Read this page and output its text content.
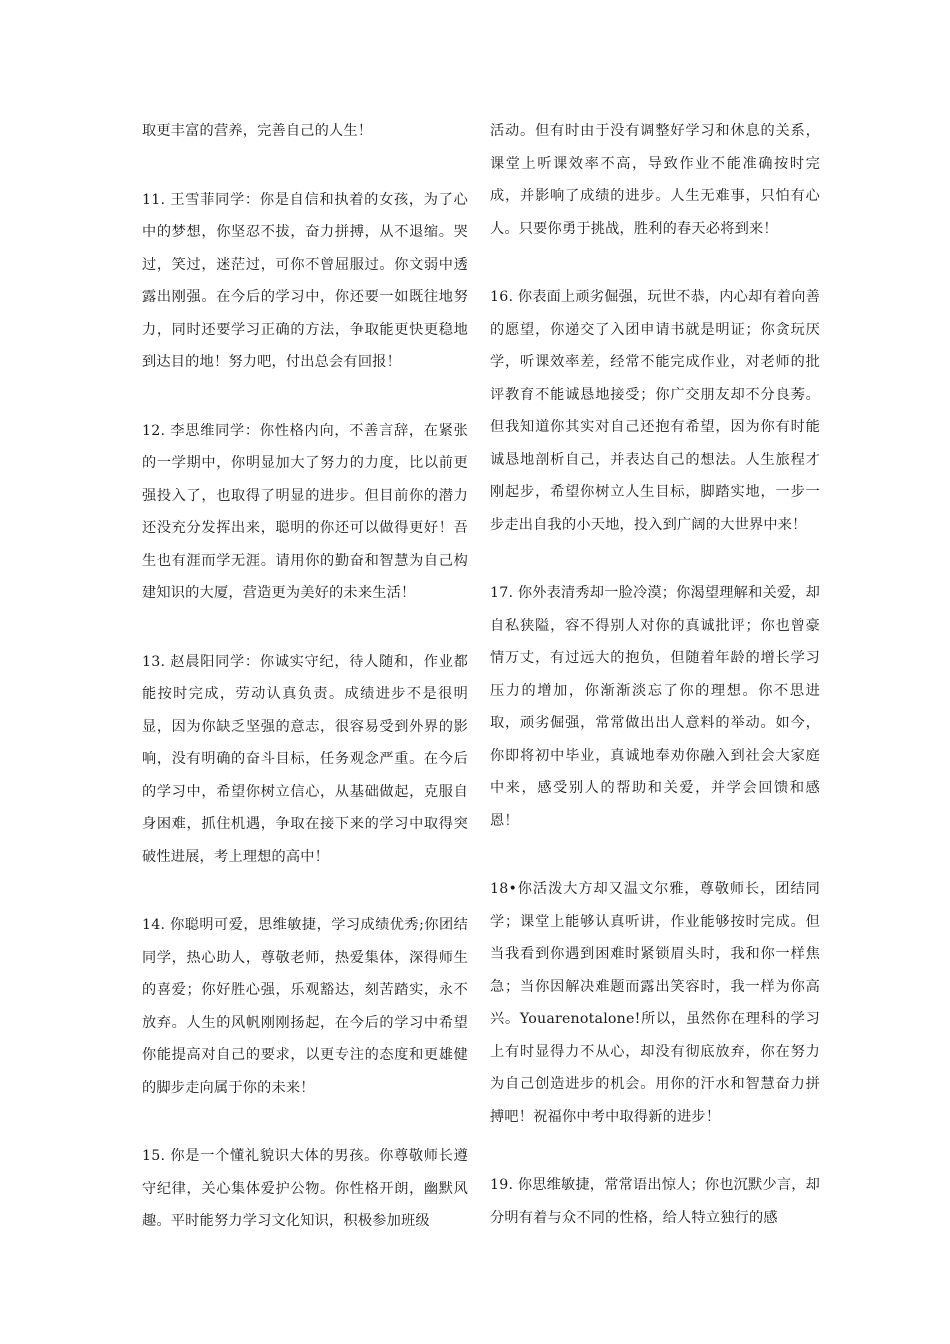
取更丰富的营养，完善自己的人生！

11. 王雪菲同学：你是自信和执着的女孩，为了心中的梦想，你坚忍不拔，奋力拼搏，从不退缩。哭过，笑过，迷茫过，可你不曾屈服过。你文弱中透露出刚强。在今后的学习中，你还要一如既往地努力，同时还要学习正确的方法，争取能更快更稳地到达目的地！努力吧，付出总会有回报！

12. 李思维同学：你性格内向，不善言辞，在紧张的一学期中，你明显加大了努力的力度，比以前更强投入了，也取得了明显的进步。但目前你的潜力还没充分发挥出来，聪明的你还可以做得更好！吾生也有涯而学无涯。请用你的勤奋和智慧为自己构建知识的大厦，营造更为美好的未来生活！

13. 赵晨阳同学：你诚实守纪，待人随和，作业都能按时完成，劳动认真负责。成绩进步不是很明显，因为你缺乏坚强的意志，很容易受到外界的影响，没有明确的奋斗目标，任务观念严重。在今后的学习中，希望你树立信心，从基础做起，克服自身困难，抓住机遇，争取在接下来的学习中取得突破性进展，考上理想的高中！

14. 你聪明可爱，思维敏捷，学习成绩优秀;你团结同学，热心助人，尊敬老师，热爱集体，深得师生的喜爱；你好胜心强，乐观豁达，刻苦踏实，永不放弃。人生的风帆刚刚扬起，在今后的学习中希望你能提高对自己的要求，以更专注的态度和更雄健的脚步走向属于你的未来！

15. 你是一个懂礼貌识大体的男孩。你尊敬师长遵守纪律，关心集体爱护公物。你性格开朗，幽默风趣。平时能努力学习文化知识，积极参加班级

活动。但有时由于没有调整好学习和休息的关系，课堂上听课效率不高，导致作业不能准确按时完成，并影响了成绩的进步。人生无难事，只怕有心人。只要你勇于挑战，胜利的春天必将到来！

16. 你表面上顽劣倔强，玩世不恭，内心却有着向善的愿望，你递交了入团申请书就是明证；你贪玩厌学，听课效率差，经常不能完成作业，对老师的批评教育不能诚恳地接受；你广交朋友却不分良莠。但我知道你其实对自己还抱有希望，因为你有时能诚恳地剖析自己，并表达自己的想法。人生旅程才刚起步，希望你树立人生目标，脚踏实地，一步一步走出自我的小天地，投入到广阔的大世界中来！

17. 你外表清秀却一脸冷漠；你渴望理解和关爱，却自私狭隘，容不得别人对你的真诚批评；你也曾豪情万丈，有过远大的抱负，但随着年龄的增长学习压力的增加，你渐渐淡忘了你的理想。你不思进取，顽劣倔强，常常做出出人意料的举动。如今，你即将初中毕业，真诚地奉劝你融入到社会大家庭中来，感受别人的帮助和关爱，并学会回馈和感恩！

18•你活泼大方却又温文尔雅，尊敬师长，团结同学；课堂上能够认真听讲，作业能够按时完成。但当我看到你遇到困难时紧锁眉头时，我和你一样焦急；当你因解决难题而露出笑容时，我一样为你高兴。Youarenotalone!所以，虽然你在理科的学习上有时显得力不从心，却没有彻底放弃，你在努力为自己创造进步的机会。用你的汗水和智慧奋力拼搏吧！祝福你中考中取得新的进步！

19. 你思维敏捷，常常语出惊人；你也沉默少言，却分明有着与众不同的性格，给人特立独行的感
